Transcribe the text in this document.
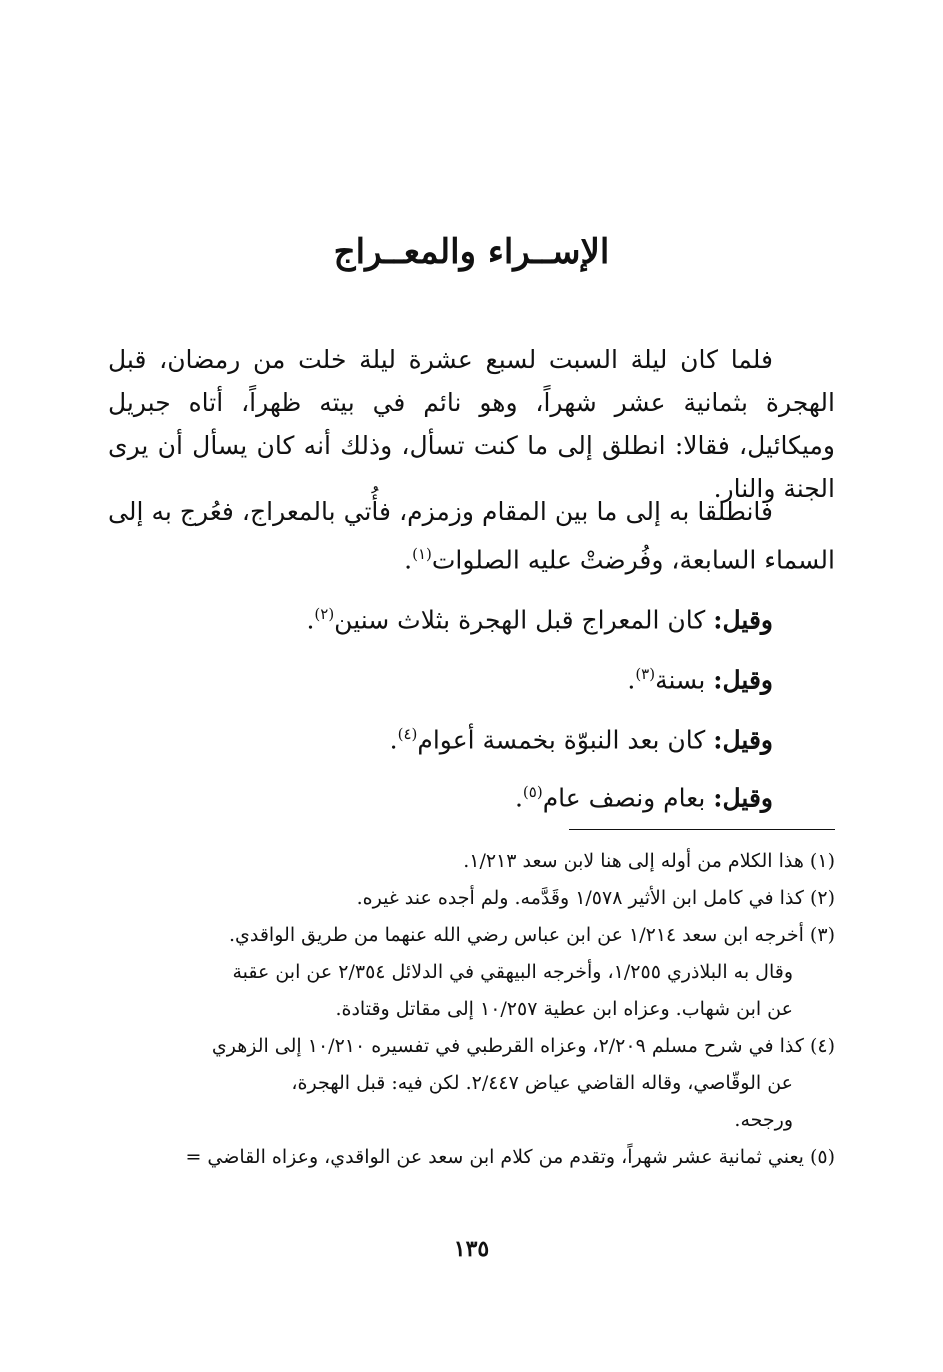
الإســراء والمعــراج
فلما كان ليلة السبت لسبع عشرة ليلة خلت من رمضان، قبل الهجرة بثمانية عشر شهراً، وهو نائم في بيته ظهراً، أتاه جبريل وميكائيل، فقالا: انطلق إلى ما كنت تسأل، وذلك أنه كان يسأل أن يرى الجنة والنار.
فانطلقا به إلى ما بين المقام وزمزم، فأُتي بالمعراج، فعُرج به إلى السماء السابعة، وفُرضتْ عليه الصلوات$^{(١)}$.
وقيل: كان المعراج قبل الهجرة بثلاث سنين$^{(٢)}$.
وقيل: بسنة$^{(٣)}$.
وقيل: كان بعد النبوّة بخمسة أعوام$^{(٤)}$.
وقيل: بعام ونصف عام$^{(٥)}$.
(١) هذا الكلام من أوله إلى هنا لابن سعد ١/٢١٣.
(٢) كذا في كامل ابن الأثير ١/٥٧٨ وقَدَّمه. ولم أجده عند غيره.
(٣) أخرجه ابن سعد ١/٢١٤ عن ابن عباس رضي الله عنهما من طريق الواقدي.
وقال به البلاذري ١/٢٥٥، وأخرجه البيهقي في الدلائل ٢/٣٥٤ عن ابن عقبة
عن ابن شهاب. وعزاه ابن عطية ١٠/٢٥٧ إلى مقاتل وقتادة.
(٤) كذا في شرح مسلم ٢/٢٠٩، وعزاه القرطبي في تفسيره ١٠/٢١٠ إلى الزهري
عن الوقّاصي، وقاله القاضي عياض ٢/٤٤٧. لكن فيه: قبل الهجرة،
ورجحه.
(٥) يعني ثمانية عشر شهراً، وتقدم من كلام ابن سعد عن الواقدي، وعزاه القاضي =
١٣٥
